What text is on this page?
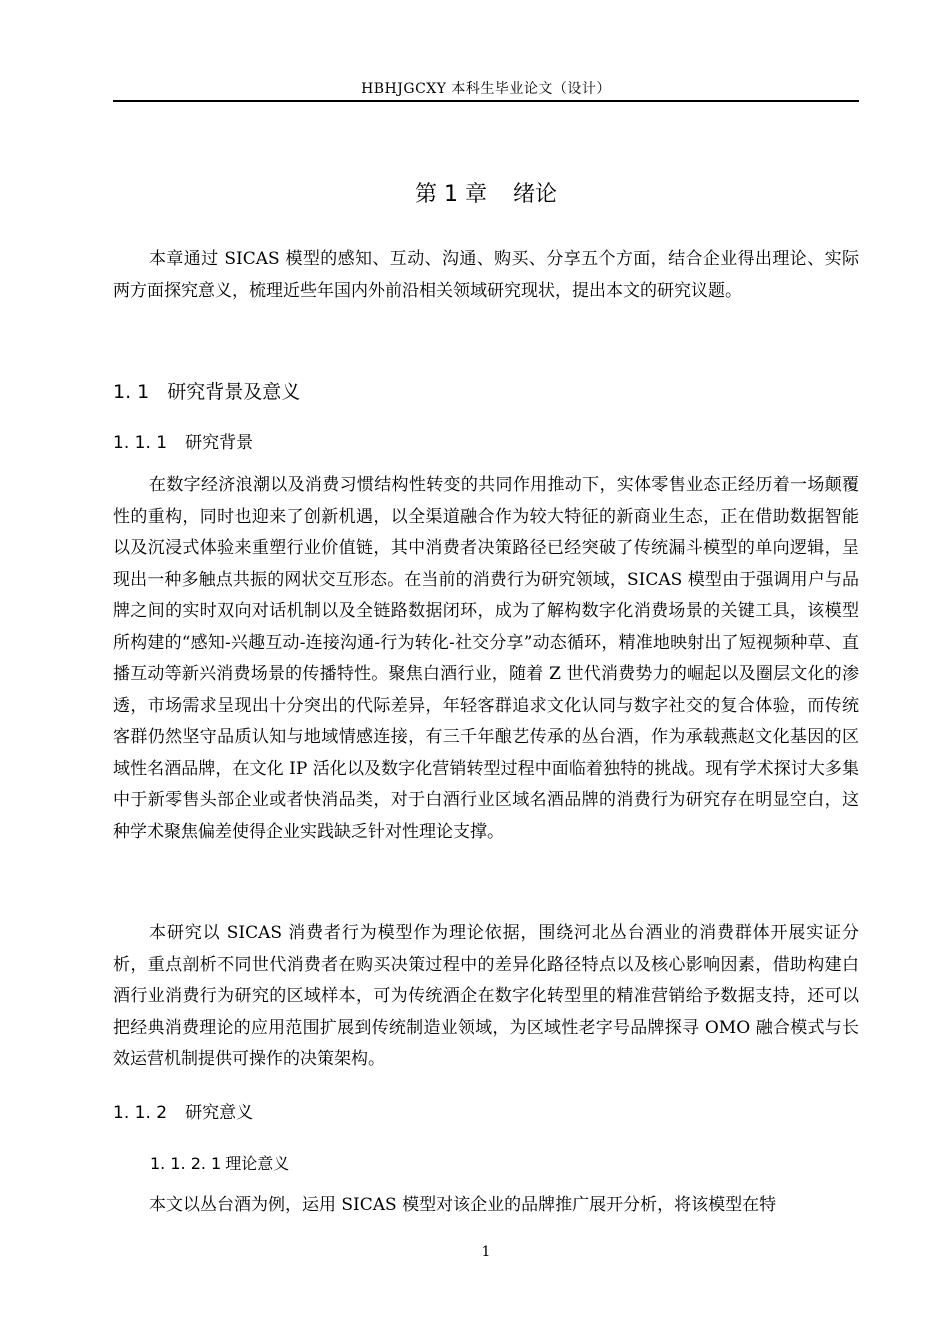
HBHJGCXY 本科生毕业论文（设计）
第 1 章 绪论

本章通过 SICAS 模型的感知、互动、沟通、购买、分享五个方面，结合企业得出理论、实际两方面探究意义，梳理近些年国内外前沿相关领域研究现状，提出本文的研究议题。

1. 1 研究背景及意义
1. 1. 1 研究背景

在数字经济浪潮以及消费习惯结构性转变的共同作用推动下，实体零售业态正经历着一场颠覆性的重构，同时也迎来了创新机遇，以全渠道融合作为较大特征的新商业生态，正在借助数据智能以及沉浸式体验来重塑行业价值链，其中消费者决策路径已经突破了传统漏斗模型的单向逻辑，呈现出一种多触点共振的网状交互形态。在当前的消费行为研究领域，SICAS 模型由于强调用户与品牌之间的实时双向对话机制以及全链路数据闭环，成为了解构数字化消费场景的关键工具，该模型所构建的“感知-兴趣互动-连接沟通-行为转化-社交分享”动态循环，精准地映射出了短视频种草、直播互动等新兴消费场景的传播特性。聚焦白酒行业，随着 Z 世代消费势力的崛起以及圈层文化的渗透，市场需求呈现出十分突出的代际差异，年轻客群追求文化认同与数字社交的复合体验，而传统客群仍然坚守品质认知与地域情感连接，有三千年酿艺传承的丛台酒，作为承载燕赵文化基因的区域性名酒品牌，在文化 IP 活化以及数字化营销转型过程中面临着独特的挑战。现有学术探讨大多集中于新零售头部企业或者快消品类，对于白酒行业区域名酒品牌的消费行为研究存在明显空白，这种学术聚焦偏差使得企业实践缺乏针对性理论支撑。

本研究以 SICAS 消费者行为模型作为理论依据，围绕河北丛台酒业的消费群体开展实证分析，重点剖析不同世代消费者在购买决策过程中的差异化路径特点以及核心影响因素，借助构建白酒行业消费行为研究的区域样本，可为传统酒企在数字化转型里的精准营销给予数据支持，还可以把经典消费理论的应用范围扩展到传统制造业领域，为区域性老字号品牌探寻 OMO 融合模式与长效运营机制提供可操作的决策架构。

1. 1. 2 研究意义
1. 1. 2. 1 理论意义

本文以丛台酒为例，运用 SICAS 模型对该企业的品牌推广展开分析，将该模型在特

1
